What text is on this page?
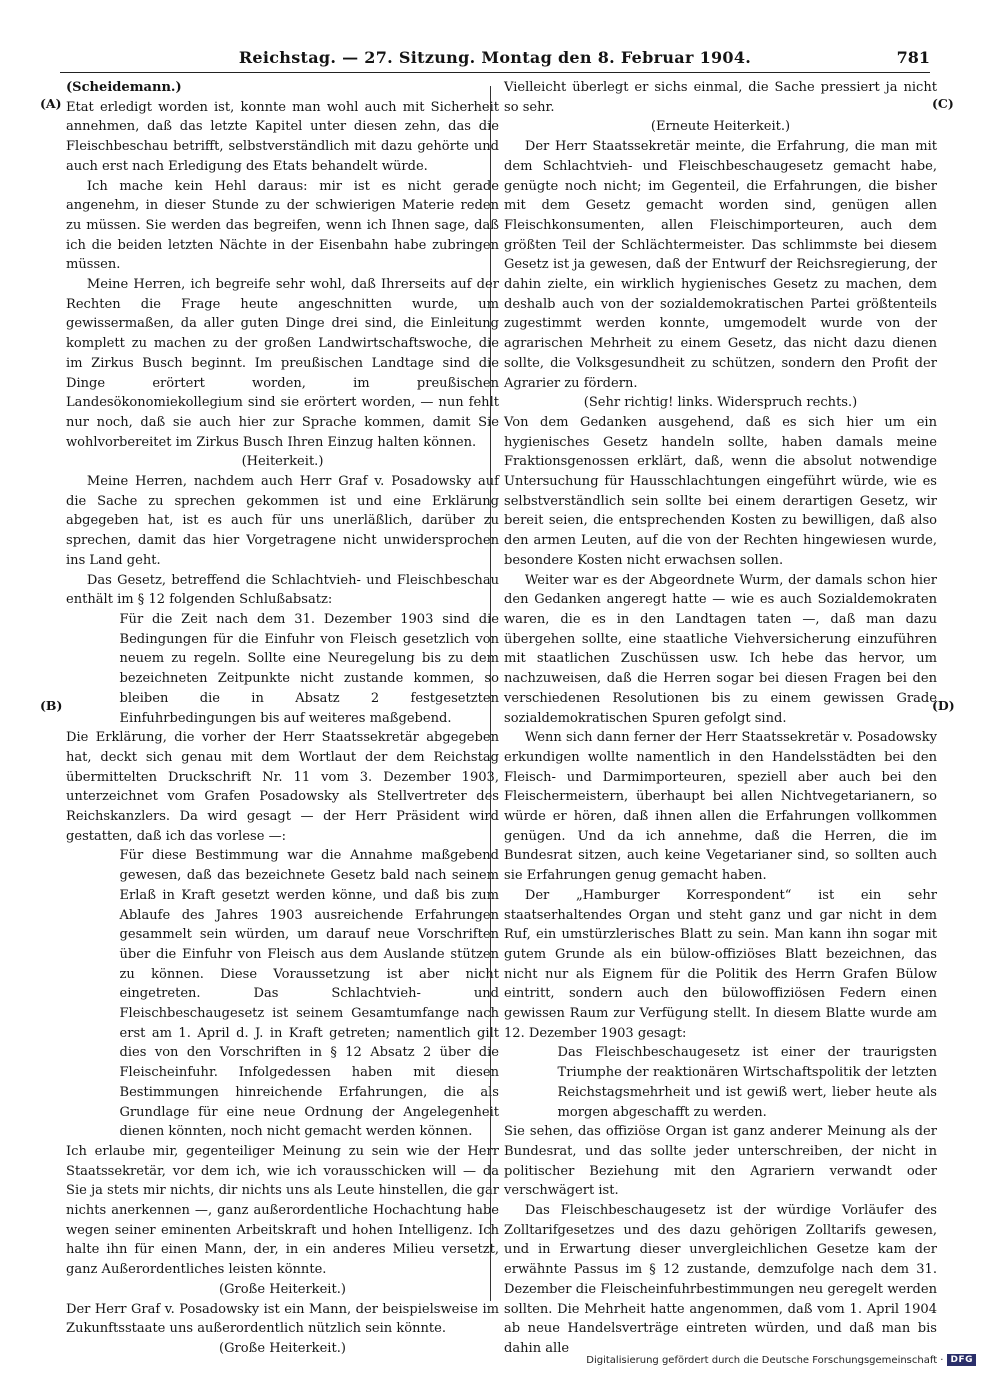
Reichstag. — 27. Sitzung. Montag den 8. Februar 1904.	781
(A)
(B)
(C)
(D)

(Scheidemann.)

Etat erledigt worden ist, konnte man wohl auch mit Sicherheit annehmen, daß das letzte Kapitel unter diesen zehn, das die Fleischbeschau betrifft, selbstverständlich mit dazu gehörte und auch erst nach Erledigung des Etats behandelt würde.

Ich mache kein Hehl daraus: mir ist es nicht gerade angenehm, in dieser Stunde zu der schwierigen Materie reden zu müssen. Sie werden das begreifen, wenn ich Ihnen sage, daß ich die beiden letzten Nächte in der Eisenbahn habe zubringen müssen.

Meine Herren, ich begreife sehr wohl, daß Ihrerseits auf der Rechten die Frage heute angeschnitten wurde, um gewissermaßen, da aller guten Dinge drei sind, die Einleitung komplett zu machen zu der großen Landwirtschaftswoche, die im Zirkus Busch beginnt. Im preußischen Landtage sind die Dinge erörtert worden, im preußischen Landesökonomiekollegium sind sie erörtert worden, — nun fehlt nur noch, daß sie auch hier zur Sprache kommen, damit Sie wohlvorbereitet im Zirkus Busch Ihren Einzug halten können.

(Heiterkeit.)

Meine Herren, nachdem auch Herr Graf v. Posadowsky auf die Sache zu sprechen gekommen ist und eine Erklärung abgegeben hat, ist es auch für uns unerläßlich, darüber zu sprechen, damit das hier Vorgetragene nicht unwidersprochen ins Land geht.

Das Gesetz, betreffend die Schlachtvieh- und Fleischbeschau enthält im § 12 folgenden Schlußabsatz:

Für die Zeit nach dem 31. Dezember 1903 sind die Bedingungen für die Einfuhr von Fleisch gesetzlich von neuem zu regeln. Sollte eine Neuregelung bis zu dem bezeichneten Zeitpunkte nicht zustande kommen, so bleiben die in Absatz 2 festgesetzten Einfuhrbedingungen bis auf weiteres maßgebend.

Die Erklärung, die vorher der Herr Staatssekretär abgegeben hat, deckt sich genau mit dem Wortlaut der dem Reichstag übermittelten Druckschrift Nr. 11 vom 3. Dezember 1903, unterzeichnet vom Grafen Posadowsky als Stellvertreter des Reichskanzlers. Da wird gesagt — der Herr Präsident wird gestatten, daß ich das vorlese —:

Für diese Bestimmung war die Annahme maßgebend gewesen, daß das bezeichnete Gesetz bald nach seinem Erlaß in Kraft gesetzt werden könne, und daß bis zum Ablaufe des Jahres 1903 ausreichende Erfahrungen gesammelt sein würden, um darauf neue Vorschriften über die Einfuhr von Fleisch aus dem Auslande stützen zu können. Diese Voraussetzung ist aber nicht eingetreten. Das Schlachtvieh- und Fleischbeschaugesetz ist seinem Gesamtumfange nach erst am 1. April d. J. in Kraft getreten; namentlich gilt dies von den Vorschriften in § 12 Absatz 2 über die Fleischeinfuhr. Infolgedessen haben mit diesen Bestimmungen hinreichende Erfahrungen, die als Grundlage für eine neue Ordnung der Angelegenheit dienen könnten, noch nicht gemacht werden können.

Ich erlaube mir, gegenteiliger Meinung zu sein wie der Herr Staatssekretär, vor dem ich, wie ich vorausschicken will — da Sie ja stets mir nichts, dir nichts uns als Leute hinstellen, die gar nichts anerkennen —, ganz außerordentliche Hochachtung habe wegen seiner eminenten Arbeitskraft und hohen Intelligenz. Ich halte ihn für einen Mann, der, in ein anderes Milieu versetzt, ganz Außerordentliches leisten könnte.

(Große Heiterkeit.)

Der Herr Graf v. Posadowsky ist ein Mann, der beispielsweise im Zukunftsstaate uns außerordentlich nützlich sein könnte.

(Große Heiterkeit.)

Vielleicht überlegt er sichs einmal, die Sache pressiert ja nicht so sehr.

(Erneute Heiterkeit.)

Der Herr Staatssekretär meinte, die Erfahrung, die man mit dem Schlachtvieh- und Fleischbeschaugesetz gemacht habe, genügte noch nicht; im Gegenteil, die Erfahrungen, die bisher mit dem Gesetz gemacht worden sind, genügen allen Fleischkonsumenten, allen Fleischimporteuren, auch dem größten Teil der Schlächtermeister. Das schlimmste bei diesem Gesetz ist ja gewesen, daß der Entwurf der Reichsregierung, der dahin zielte, ein wirklich hygienisches Gesetz zu machen, dem deshalb auch von der sozialdemokratischen Partei größtenteils zugestimmt werden konnte, umgemodelt wurde von der agrarischen Mehrheit zu einem Gesetz, das nicht dazu dienen sollte, die Volksgesundheit zu schützen, sondern den Profit der Agrarier zu fördern.

(Sehr richtig! links. Widerspruch rechts.)

Von dem Gedanken ausgehend, daß es sich hier um ein hygienisches Gesetz handeln sollte, haben damals meine Fraktionsgenossen erklärt, daß, wenn die absolut notwendige Untersuchung für Hausschlachtungen eingeführt würde, wie es selbstverständlich sein sollte bei einem derartigen Gesetz, wir bereit seien, die entsprechenden Kosten zu bewilligen, daß also den armen Leuten, auf die von der Rechten hingewiesen wurde, besondere Kosten nicht erwachsen sollen.

Weiter war es der Abgeordnete Wurm, der damals schon hier den Gedanken angeregt hatte — wie es auch Sozialdemokraten waren, die es in den Landtagen taten —, daß man dazu übergehen sollte, eine staatliche Viehversicherung einzuführen mit staatlichen Zuschüssen usw. Ich hebe das hervor, um nachzuweisen, daß die Herren sogar bei diesen Fragen bei den verschiedenen Resolutionen bis zu einem gewissen Grade sozialdemokratischen Spuren gefolgt sind.

Wenn sich dann ferner der Herr Staatssekretär v. Posadowsky erkundigen wollte namentlich in den Handelsstädten bei den Fleisch- und Darmimporteuren, speziell aber auch bei den Fleischermeistern, überhaupt bei allen Nichtvegetarianern, so würde er hören, daß ihnen allen die Erfahrungen vollkommen genügen. Und da ich annehme, daß die Herren, die im Bundesrat sitzen, auch keine Vegetarianer sind, so sollten auch sie Erfahrungen genug gemacht haben.

Der „Hamburger Korrespondent“ ist ein sehr staatserhaltendes Organ und steht ganz und gar nicht in dem Ruf, ein umstürzlerisches Blatt zu sein. Man kann ihn sogar mit gutem Grunde als ein bülow-offiziöses Blatt bezeichnen, das nicht nur als Eignem für die Politik des Herrn Grafen Bülow eintritt, sondern auch den bülowoffiziösen Federn einen gewissen Raum zur Verfügung stellt. In diesem Blatte wurde am 12. Dezember 1903 gesagt:

Das Fleischbeschaugesetz ist einer der traurigsten Triumphe der reaktionären Wirtschaftspolitik der letzten Reichstagsmehrheit und ist gewiß wert, lieber heute als morgen abgeschafft zu werden.

Sie sehen, das offiziöse Organ ist ganz anderer Meinung als der Bundesrat, und das sollte jeder unterschreiben, der nicht in politischer Beziehung mit den Agrariern verwandt oder verschwägert ist.

Das Fleischbeschaugesetz ist der würdige Vorläufer des Zolltarifgesetzes und des dazu gehörigen Zolltarifs gewesen, und in Erwartung dieser unvergleichlichen Gesetze kam der erwähnte Passus im § 12 zustande, demzufolge nach dem 31. Dezember die Fleischeinfuhrbestimmungen neu geregelt werden sollten. Die Mehrheit hatte angenommen, daß vom 1. April 1904 ab neue Handelsverträge eintreten würden, und daß man bis dahin alle

Digitalisierung gefördert durch die Deutsche Forschungsgemeinschaft · DFG
